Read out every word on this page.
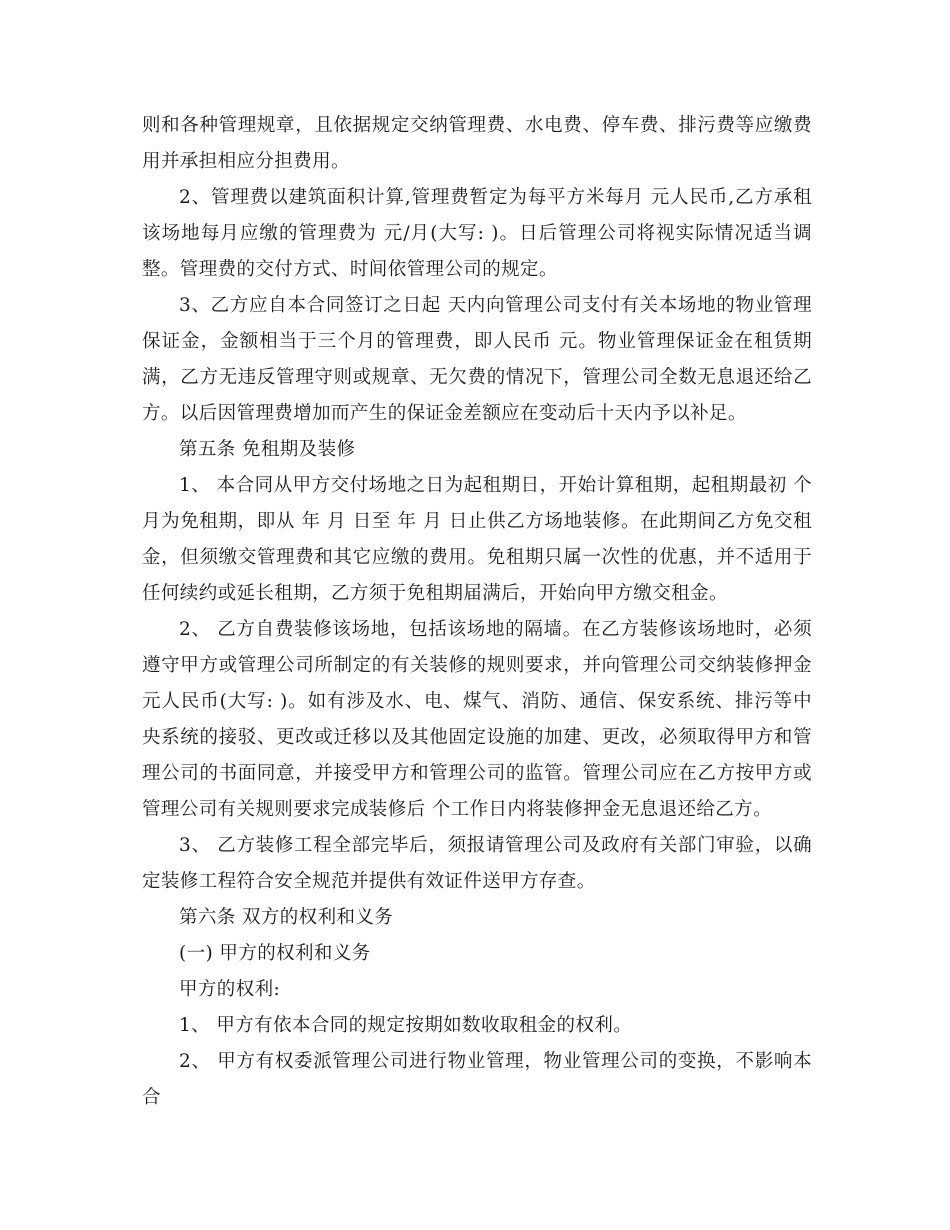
则和各种管理规章，且依据规定交纳管理费、水电费、停车费、排污费等应缴费用并承担相应分担费用。

2、管理费以建筑面积计算,管理费暂定为每平方米每月 元人民币,乙方承租该场地每月应缴的管理费为 元/月(大写: )。日后管理公司将视实际情况适当调整。管理费的交付方式、时间依管理公司的规定。

3、乙方应自本合同签订之日起 天内向管理公司支付有关本场地的物业管理保证金，金额相当于三个月的管理费，即人民币 元。物业管理保证金在租赁期满，乙方无违反管理守则或规章、无欠费的情况下，管理公司全数无息退还给乙方。以后因管理费增加而产生的保证金差额应在变动后十天内予以补足。

第五条 免租期及装修

1、 本合同从甲方交付场地之日为起租期日，开始计算租期，起租期最初 个月为免租期，即从 年 月 日至 年 月 日止供乙方场地装修。在此期间乙方免交租金，但须缴交管理费和其它应缴的费用。免租期只属一次性的优惠，并不适用于任何续约或延长租期，乙方须于免租期届满后，开始向甲方缴交租金。

2、 乙方自费装修该场地，包括该场地的隔墙。在乙方装修该场地时，必须遵守甲方或管理公司所制定的有关装修的规则要求，并向管理公司交纳装修押金 元人民币(大写: )。如有涉及水、电、煤气、消防、通信、保安系统、排污等中央系统的接驳、更改或迁移以及其他固定设施的加建、更改，必须取得甲方和管理公司的书面同意，并接受甲方和管理公司的监管。管理公司应在乙方按甲方或管理公司有关规则要求完成装修后 个工作日内将装修押金无息退还给乙方。

3、 乙方装修工程全部完毕后，须报请管理公司及政府有关部门审验，以确定装修工程符合安全规范并提供有效证件送甲方存查。

第六条 双方的权利和义务

(一) 甲方的权利和义务

甲方的权利:

1、 甲方有依本合同的规定按期如数收取租金的权利。

2、 甲方有权委派管理公司进行物业管理，物业管理公司的变换，不影响本合
